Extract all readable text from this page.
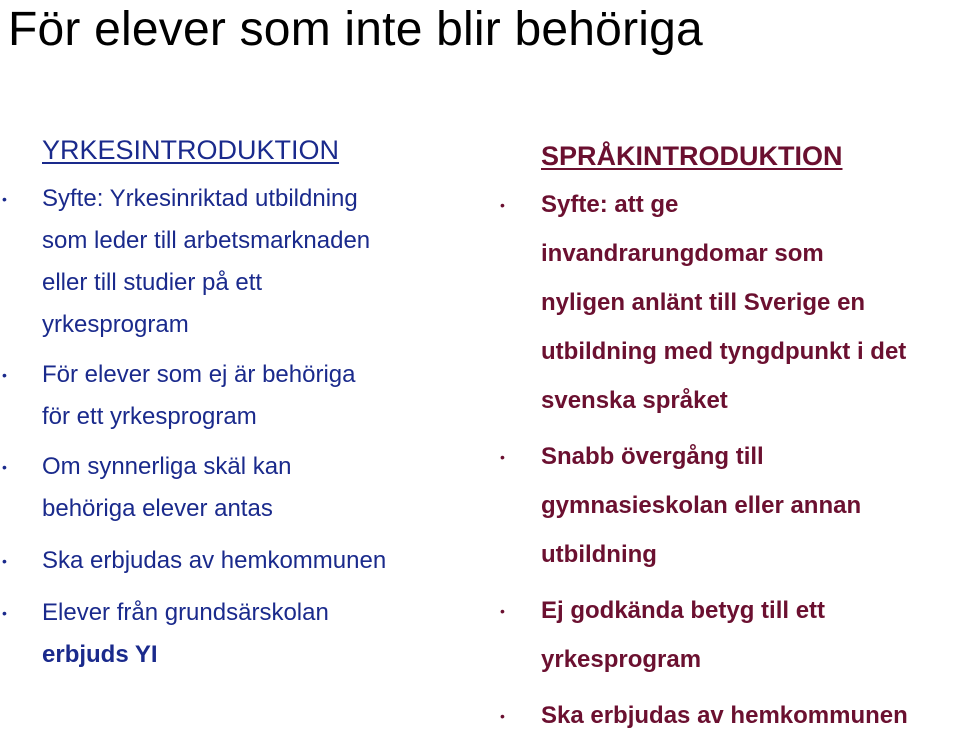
För elever som inte blir behöriga
YRKESINTRODUKTION
• Syfte: Yrkesinriktad utbildning
som leder till arbetsmarknaden
eller till studier på ett
yrkesprogram
• För elever som ej är behöriga
för ett yrkesprogram
• Om synnerliga skäl kan
behöriga elever antas
• Ska erbjudas av hemkommunen
• Elever från grundsärskolan
erbjuds YI
SPRÅKINTRODUKTION
• Syfte: att ge
invandrarungdomar som
nyligen anlänt till Sverige en
utbildning med tyngdpunkt i det
svenska språket
• Snabb övergång till
gymnasieskolan eller annan
utbildning
• Ej godkända betyg till ett
yrkesprogram
• Ska erbjudas av hemkommunen
